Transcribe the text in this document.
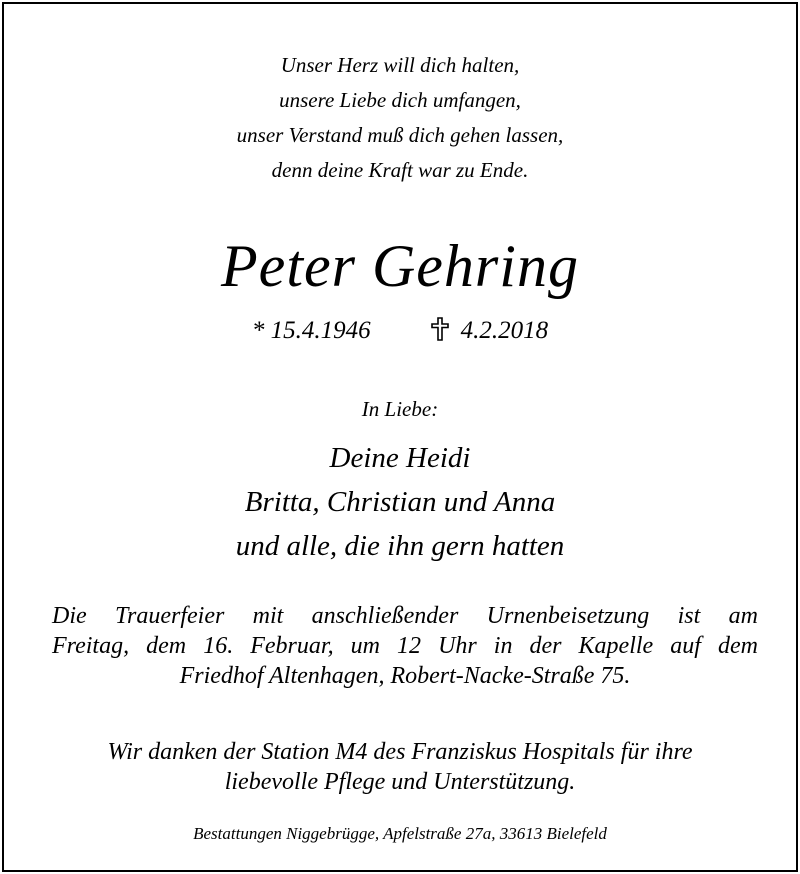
Unser Herz will dich halten,
unsere Liebe dich umfangen,
unser Verstand muß dich gehen lassen,
denn deine Kraft war zu Ende.
Peter Gehring
* 15.4.1946	4.2.2018
In Liebe:
Deine Heidi
Britta, Christian und Anna
und alle, die ihn gern hatten
Die Trauerfeier mit anschließender Urnenbeisetzung ist am
Freitag, dem 16. Februar, um 12 Uhr in der Kapelle auf dem
Friedhof Altenhagen, Robert-Nacke-Straße 75.
Wir danken der Station M4 des Franziskus Hospitals für ihre
liebevolle Pflege und Unterstützung.
Bestattungen Niggebrügge, Apfelstraße 27a, 33613 Bielefeld
